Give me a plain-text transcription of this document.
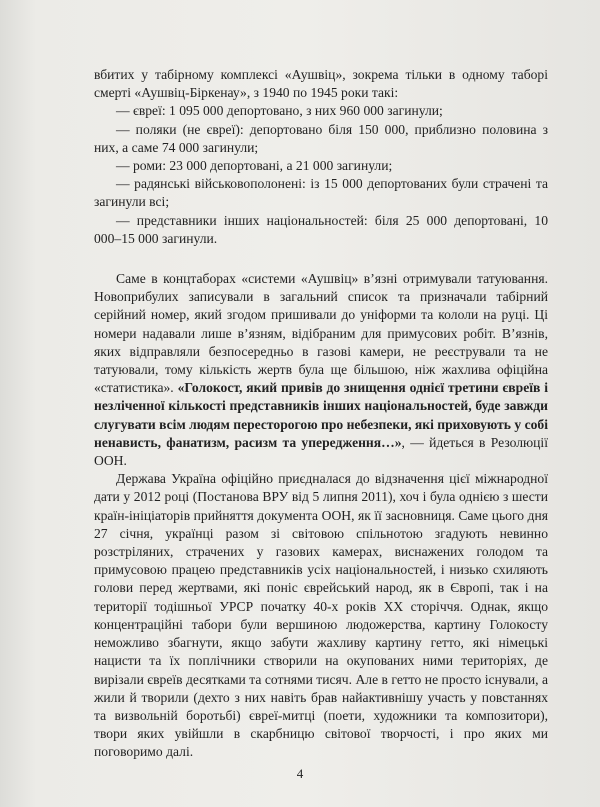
вбитих у табірному комплексі «Аушвіц», зокрема тільки в одному таборі смерті «Аушвіц-Біркенау», з 1940 по 1945 роки такі:

— євреї: 1 095 000 депортовано, з них 960 000 загинули;

— поляки (не євреї): депортовано біля 150 000, приблизно половина з них, а саме 74 000 загинули;

— роми: 23 000 депортовані, а 21 000 загинули;

— радянські військовополонені: із 15 000 депортованих були страчені та загинули всі;

— представники інших національностей: біля 25 000 депортовані, 10 000–15 000 загинули.

Саме в концтаборах «системи «Аушвіц» в’язні отримували татуювання. Новоприбулих записували в загальний список та призначали табірний серійний номер, який згодом пришивали до уніформи та кололи на руці. Ці номери надавали лише в’язням, відібраним для примусових робіт. В’язнів, яких відправляли безпосередньо в газові камери, не реєстрували та не татуювали, тому кількість жертв була ще більшою, ніж жахлива офіційна «статистика». «Голокост, який привів до знищення однієї третини євреїв і незліченної кількості представників інших національностей, буде завжди слугувати всім людям пересторогою про небезпеки, які приховують у собі ненависть, фанатизм, расизм та упередження…», — йдеться в Резолюції ООН.

Держава Україна офіційно приєдналася до відзначення цієї міжнародної дати у 2012 році (Постанова ВРУ від 5 липня 2011), хоч і була однією з шести країн-ініціаторів прийняття документа ООН, як її засновниця. Саме цього дня 27 січня, українці разом зі світовою спільнотою згадують невинно розстріляних, страчених у газових камерах, виснажених голодом та примусовою працею представників усіх національностей, і низько схиляють голови перед жертвами, які поніс єврейський народ, як в Європі, так і на території тодішньої УРСР початку 40-х років ХХ сторіччя. Однак, якщо концентраційні табори були вершиною людожерства, картину Голокосту неможливо збагнути, якщо забути жахливу картину гетто, які німецькі нацисти та їх поплічники створили на окупованих ними територіях, де вирізали євреїв десятками та сотнями тисяч. Але в гетто не просто існували, а жили й творили (дехто з них навіть брав найактивнішу участь у повстанняx та визвольній боротьбі) євреї-митці (поети, художники та композитори), твори яких увійшли в скарбницю світової творчості, і про яких ми поговоримо далі.

4
